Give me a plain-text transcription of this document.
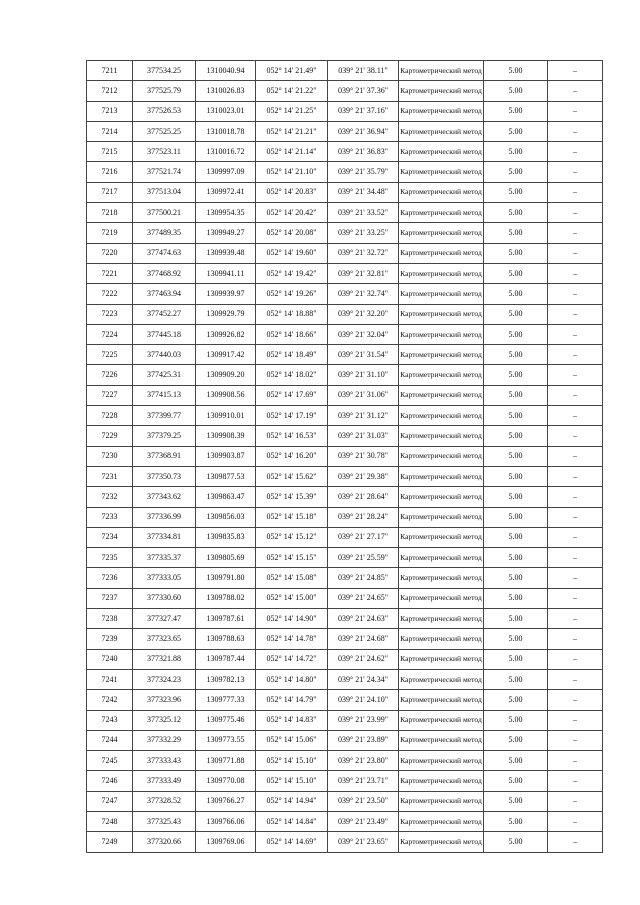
7211	377534.25	1310040.94	052° 14' 21.49"	039° 21' 38.11"	Картометрический метод	5.00	–
7212	377525.79	1310026.83	052° 14' 21.22"	039° 21' 37.36"	Картометрический метод	5.00	–
7213	377526.53	1310023.01	052° 14' 21.25"	039° 21' 37.16"	Картометрический метод	5.00	–
7214	377525.25	1310018.78	052° 14' 21.21"	039° 21' 36.94"	Картометрический метод	5.00	–
7215	377523.11	1310016.72	052° 14' 21.14"	039° 21' 36.83"	Картометрический метод	5.00	–
7216	377521.74	1309997.09	052° 14' 21.10"	039° 21' 35.79"	Картометрический метод	5.00	–
7217	377513.04	1309972.41	052° 14' 20.83"	039° 21' 34.48"	Картометрический метод	5.00	–
7218	377500.21	1309954.35	052° 14' 20.42"	039° 21' 33.52"	Картометрический метод	5.00	–
7219	377489.35	1309949.27	052° 14' 20.08"	039° 21' 33.25"	Картометрический метод	5.00	–
7220	377474.63	1309939.48	052° 14' 19.60"	039° 21' 32.72"	Картометрический метод	5.00	–
7221	377468.92	1309941.11	052° 14' 19.42"	039° 21' 32.81"	Картометрический метод	5.00	–
7222	377463.94	1309939.97	052° 14' 19.26"	039° 21' 32.74"	Картометрический метод	5.00	–
7223	377452.27	1309929.79	052° 14' 18.88"	039° 21' 32.20"	Картометрический метод	5.00	–
7224	377445.18	1309926.82	052° 14' 18.66"	039° 21' 32.04"	Картометрический метод	5.00	–
7225	377440.03	1309917.42	052° 14' 18.49"	039° 21' 31.54"	Картометрический метод	5.00	–
7226	377425.31	1309909.20	052° 14' 18.02"	039° 21' 31.10"	Картометрический метод	5.00	–
7227	377415.13	1309908.56	052° 14' 17.69"	039° 21' 31.06"	Картометрический метод	5.00	–
7228	377399.77	1309910.01	052° 14' 17.19"	039° 21' 31.12"	Картометрический метод	5.00	–
7229	377379.25	1309908.39	052° 14' 16.53"	039° 21' 31.03"	Картометрический метод	5.00	–
7230	377368.91	1309903.87	052° 14' 16.20"	039° 21' 30.78"	Картометрический метод	5.00	–
7231	377350.73	1309877.53	052° 14' 15.62"	039° 21' 29.38"	Картометрический метод	5.00	–
7232	377343.62	1309863.47	052° 14' 15.39"	039° 21' 28.64"	Картометрический метод	5.00	–
7233	377336.99	1309856.03	052° 14' 15.18"	039° 21' 28.24"	Картометрический метод	5.00	–
7234	377334.81	1309835.83	052° 14' 15.12"	039° 21' 27.17"	Картометрический метод	5.00	–
7235	377335.37	1309805.69	052° 14' 15.15"	039° 21' 25.59"	Картометрический метод	5.00	–
7236	377333.05	1309791.80	052° 14' 15.08"	039° 21' 24.85"	Картометрический метод	5.00	–
7237	377330.60	1309788.02	052° 14' 15.00"	039° 21' 24.65"	Картометрический метод	5.00	–
7238	377327.47	1309787.61	052° 14' 14.90"	039° 21' 24.63"	Картометрический метод	5.00	–
7239	377323.65	1309788.63	052° 14' 14.78"	039° 21' 24.68"	Картометрический метод	5.00	–
7240	377321.88	1309787.44	052° 14' 14.72"	039° 21' 24.62"	Картометрический метод	5.00	–
7241	377324.23	1309782.13	052° 14' 14.80"	039° 21' 24.34"	Картометрический метод	5.00	–
7242	377323.96	1309777.33	052° 14' 14.79"	039° 21' 24.10"	Картометрический метод	5.00	–
7243	377325.12	1309775.46	052° 14' 14.83"	039° 21' 23.99"	Картометрический метод	5.00	–
7244	377332.29	1309773.55	052° 14' 15.06"	039° 21' 23.89"	Картометрический метод	5.00	–
7245	377333.43	1309771.88	052° 14' 15.10"	039° 21' 23.80"	Картометрический метод	5.00	–
7246	377333.49	1309770.08	052° 14' 15.10"	039° 21' 23.71"	Картометрический метод	5.00	–
7247	377328.52	1309766.27	052° 14' 14.94"	039° 21' 23.50"	Картометрический метод	5.00	–
7248	377325.43	1309766.06	052° 14' 14.84"	039° 21' 23.49"	Картометрический метод	5.00	–
7249	377320.66	1309769.06	052° 14' 14.69"	039° 21' 23.65"	Картометрический метод	5.00	–
